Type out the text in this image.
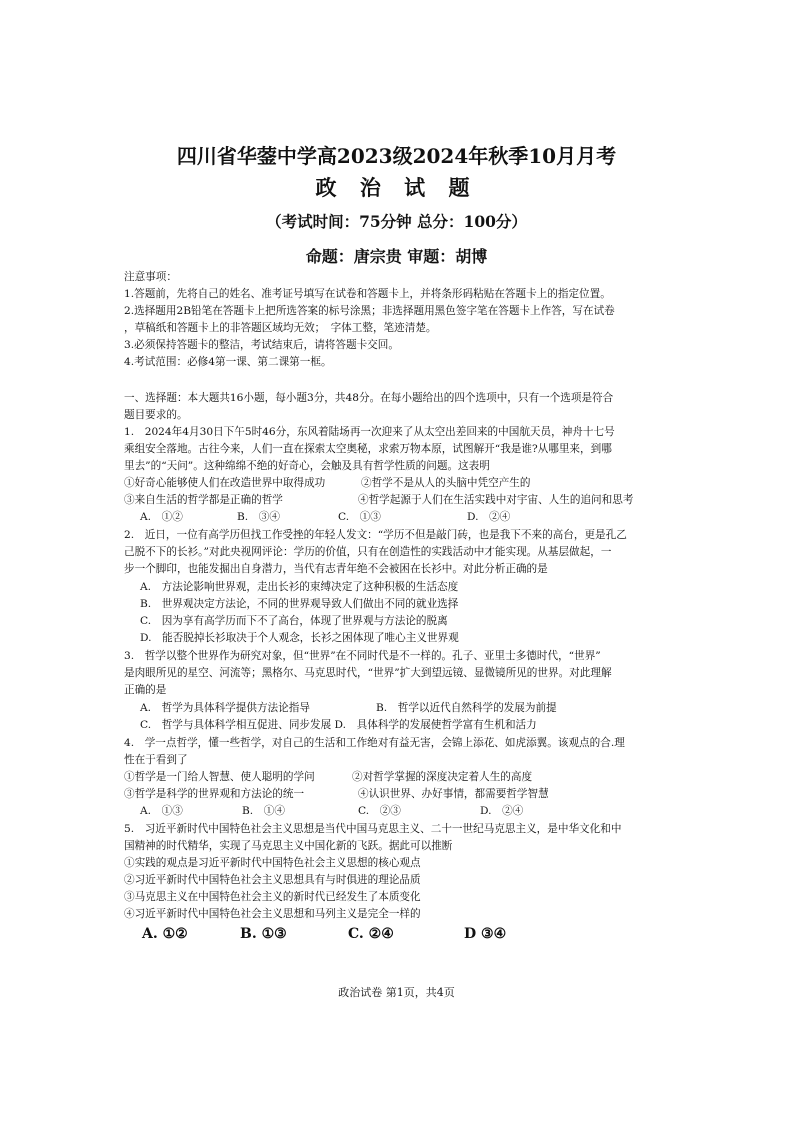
四川省华蓥中学高2023级2024年秋季10月月考
政 治 试 题
（考试时间：75分钟 总分：100分）
命题：唐宗贵 审题：胡博
注意事项：
1.答题前，先将自己的姓名、准考证号填写在试卷和答题卡上，并将条形码粘贴在答题卡上的指定位置。
2.选择题用2B铅笔在答题卡上把所选答案的标号涂黑；非选择题用黑色签字笔在答题卡上作答，写在试卷
，草稿纸和答题卡上的非答题区域均无效；　字体工整，笔迹清楚。
3.必须保持答题卡的整洁，考试结束后，请将答题卡交回。
4.考试范围：必修4第一课、第二课第一框。
一、选择题：本大题共16小题，每小题3分，共48分。在每小题给出的四个选项中，只有一个选项是符合
题目要求的。
1.　2024年4月30日下午5时46分，东风着陆场再一次迎来了从太空出差回来的中国航天员，神舟十七号
乘组安全落地。古往今来，人们一直在探索太空奥秘，求索万物本原，试图解开“我是谁?从哪里来，到哪
里去”的“天问”。这种绵绵不绝的好奇心，会触及具有哲学性质的问题。这表明
①好奇心能够使人们在改造世界中取得成功	②哲学不是从人的头脑中凭空产生的
③来自生活的哲学都是正确的哲学	④哲学起源于人们在生活实践中对宇宙、人生的追问和思考
A.　①②	B.　③④	C.　①③	D.　②④
2.　近日，一位有高学历但找工作受挫的年轻人发文：“学历不但是敲门砖，也是我下不来的高台，更是孔乙
己脱不下的长衫。”对此央视网评论：学历的价值，只有在创造性的实践活动中才能实现。从基层做起，一
步一个脚印，也能发掘出自身潜力，当代有志青年绝不会被困在长衫中。对此分析正确的是
A.　方法论影响世界观，走出长衫的束缚决定了这种积极的生活态度
B.　世界观决定方法论，不同的世界观导致人们做出不同的就业选择
C.　因为享有高学历而下不了高台，体现了世界观与方法论的脱离
D.　能否脱掉长衫取决于个人观念，长衫之困体现了唯心主义世界观
3.　哲学以整个世界作为研究对象，但“世界”在不同时代是不一样的。孔子、亚里士多德时代，“世界”
是肉眼所见的星空、河流等；黑格尔、马克思时代，“世界”扩大到望远镜、显微镜所见的世界。对此理解
正确的是
A.　哲学为具体科学提供方法论指导	B.　哲学以近代自然科学的发展为前提
C.　哲学与具体科学相互促进、同步发展 D.　具体科学的发展使哲学富有生机和活力
4.　学一点哲学，懂一些哲学，对自己的生活和工作绝对有益无害，会锦上添花、如虎添翼。该观点的合.理
性在于看到了
①哲学是一门给人智慧、使人聪明的学问	②对哲学掌握的深度决定着人生的高度
③哲学是科学的世界观和方法论的统一	④认识世界、办好事情，都需要哲学智慧
A.　①③	B.　①④	C.　②③	D.　②④
5.　习近平新时代中国特色社会主义思想是当代中国马克思主义、二十一世纪马克思主义，是中华文化和中
国精神的时代精华，实现了马克思主义中国化新的飞跃。据此可以推断
①实践的观点是习近平新时代中国特色社会主义思想的核心观点
②习近平新时代中国特色社会主义思想具有与时俱进的理论品质
③马克思主义在中国特色社会主义的新时代已经发生了本质变化
④习近平新时代中国特色社会主义思想和马列主义是完全一样的
A. ①②	B. ①③	C. ②④	D ③④
政治试卷 第1页，共4页
